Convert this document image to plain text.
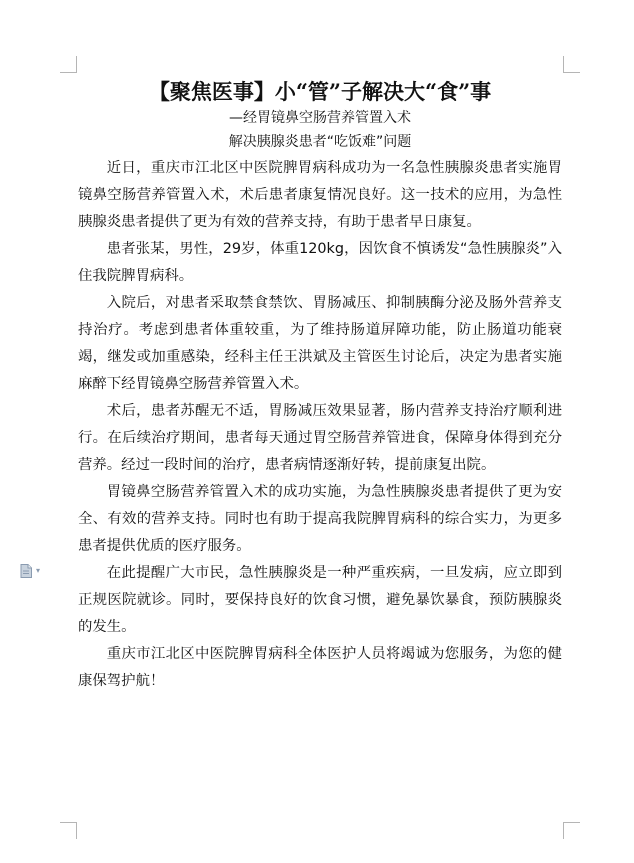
▾
【聚焦医事】小“管”子解决大“食”事

—经胃镜鼻空肠营养管置入术

解决胰腺炎患者“吃饭难”问题

近日，重庆市江北区中医院脾胃病科成功为一名急性胰腺炎患者实施胃镜鼻空肠营养管置入术，术后患者康复情况良好。这一技术的应用，为急性胰腺炎患者提供了更为有效的营养支持，有助于患者早日康复。

患者张某，男性，29岁，体重120kg，因饮食不慎诱发“急性胰腺炎”入住我院脾胃病科。

入院后，对患者采取禁食禁饮、胃肠减压、抑制胰酶分泌及肠外营养支持治疗。考虑到患者体重较重，为了维持肠道屏障功能，防止肠道功能衰竭，继发或加重感染，经科主任王洪斌及主管医生讨论后，决定为患者实施麻醉下经胃镜鼻空肠营养管置入术。

术后，患者苏醒无不适，胃肠减压效果显著，肠内营养支持治疗顺利进行。在后续治疗期间，患者每天通过胃空肠营养管进食，保障身体得到充分营养。经过一段时间的治疗，患者病情逐渐好转，提前康复出院。

胃镜鼻空肠营养管置入术的成功实施，为急性胰腺炎患者提供了更为安全、有效的营养支持。同时也有助于提高我院脾胃病科的综合实力，为更多患者提供优质的医疗服务。

在此提醒广大市民，急性胰腺炎是一种严重疾病，一旦发病，应立即到正规医院就诊。同时，要保持良好的饮食习惯，避免暴饮暴食，预防胰腺炎的发生。

重庆市江北区中医院脾胃病科全体医护人员将竭诚为您服务，为您的健康保驾护航！
